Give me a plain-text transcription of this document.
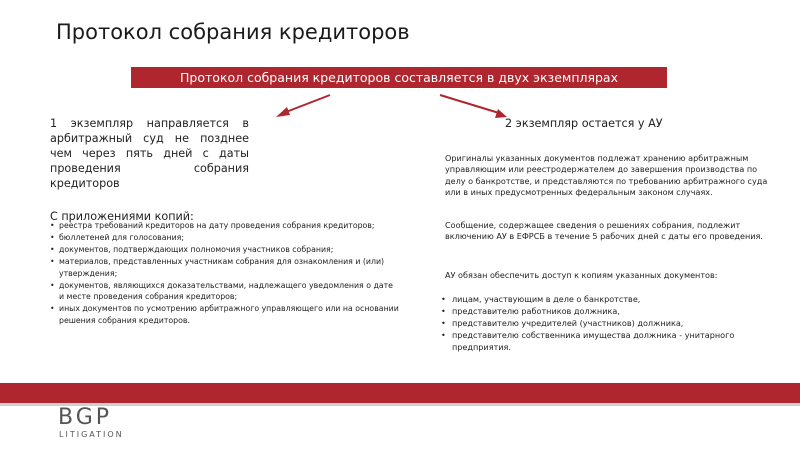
Протокол собрания кредиторов
Протокол собрания кредиторов составляется в двух экземплярах
1 экземпляр направляется в арбитражный суд не позднее чем через пять дней с даты проведения собрания кредиторов
С приложениями копий:
• реестра требований кредиторов на дату проведения собрания кредиторов;
• бюллетеней для голосования;
• документов, подтверждающих полномочия участников собрания;
• материалов, представленных участникам собрания для ознакомления и (или) утверждения;
• документов, являющихся доказательствами, надлежащего уведомления о дате и месте проведения собрания кредиторов;
• иных документов по усмотрению арбитражного управляющего или на основании решения собрания кредиторов.
2 экземпляр остается у АУ

Оригиналы указанных документов подлежат хранению арбитражным управляющим или реестродержателем до завершения производства по делу о банкротстве, и представляются по требованию арбитражного суда или в иных предусмотренных федеральным законом случаях.

Сообщение, содержащее сведения о решениях собрания, подлежит включению АУ в ЕФРСБ в течение 5 рабочих дней с даты его проведения.

АУ обязан обеспечить доступ к копиям указанных документов:

• лицам, участвующим в деле о банкротстве,
• представителю работников должника,
• представителю учредителей (участников) должника,
• представителю собственника имущества должника - унитарного предприятия.
BGP
LITIGATION
